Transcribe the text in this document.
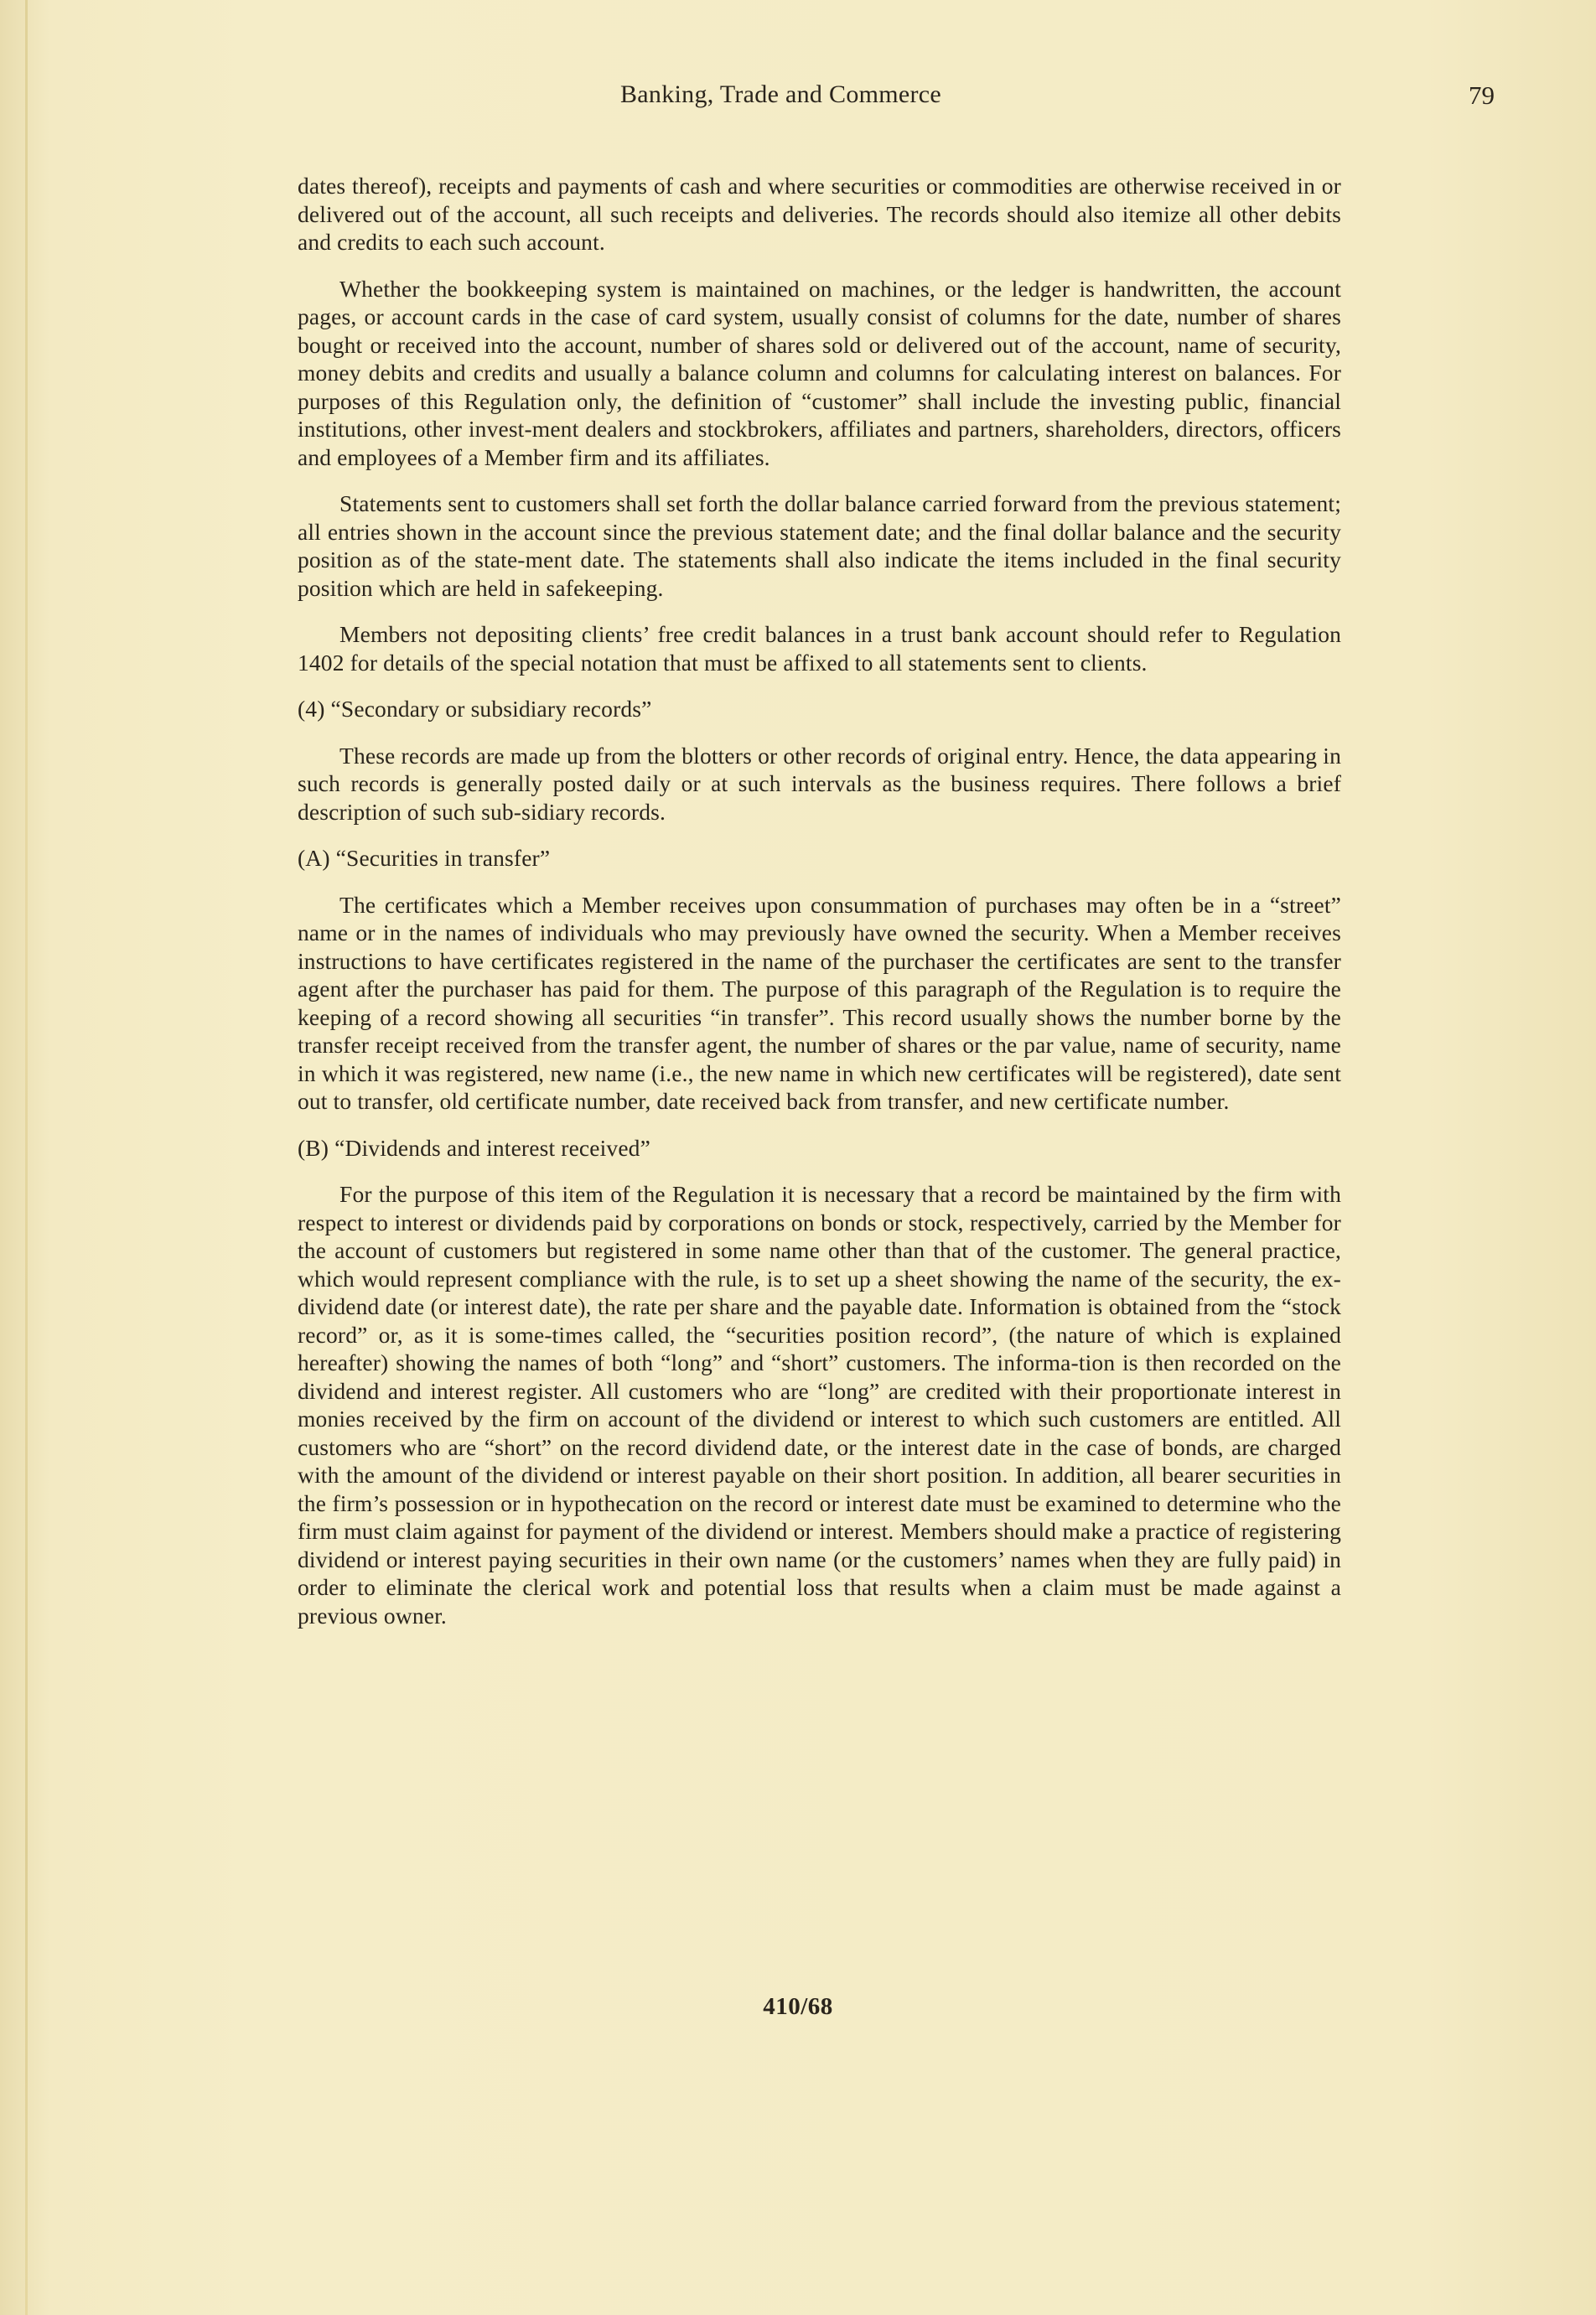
Banking, Trade and Commerce	79

dates thereof), receipts and payments of cash and where securities or commodities are otherwise received in or delivered out of the account, all such receipts and deliveries. The records should also itemize all other debits and credits to each such account.

Whether the bookkeeping system is maintained on machines, or the ledger is handwritten, the account pages, or account cards in the case of card system, usually consist of columns for the date, number of shares bought or received into the account, number of shares sold or delivered out of the account, name of security, money debits and credits and usually a balance column and columns for calculating interest on balances. For purposes of this Regulation only, the definition of “customer” shall include the investing public, financial institutions, other invest-ment dealers and stockbrokers, affiliates and partners, shareholders, directors, officers and employees of a Member firm and its affiliates.

Statements sent to customers shall set forth the dollar balance carried forward from the previous statement; all entries shown in the account since the previous statement date; and the final dollar balance and the security position as of the state-ment date. The statements shall also indicate the items included in the final security position which are held in safekeeping.

Members not depositing clients’ free credit balances in a trust bank account should refer to Regulation 1402 for details of the special notation that must be affixed to all statements sent to clients.

(4) “Secondary or subsidiary records”

These records are made up from the blotters or other records of original entry. Hence, the data appearing in such records is generally posted daily or at such intervals as the business requires. There follows a brief description of such sub-sidiary records.

(A) “Securities in transfer”

The certificates which a Member receives upon consummation of purchases may often be in a “street” name or in the names of individuals who may previously have owned the security. When a Member receives instructions to have certificates registered in the name of the purchaser the certificates are sent to the transfer agent after the purchaser has paid for them. The purpose of this paragraph of the Regulation is to require the keeping of a record showing all securities “in transfer”. This record usually shows the number borne by the transfer receipt received from the transfer agent, the number of shares or the par value, name of security, name in which it was registered, new name (i.e., the new name in which new certificates will be registered), date sent out to transfer, old certificate number, date received back from transfer, and new certificate number.

(B) “Dividends and interest received”

For the purpose of this item of the Regulation it is necessary that a record be maintained by the firm with respect to interest or dividends paid by corporations on bonds or stock, respectively, carried by the Member for the account of customers but registered in some name other than that of the customer. The general practice, which would represent compliance with the rule, is to set up a sheet showing the name of the security, the ex-dividend date (or interest date), the rate per share and the payable date. Information is obtained from the “stock record” or, as it is some-times called, the “securities position record”, (the nature of which is explained hereafter) showing the names of both “long” and “short” customers. The informa-tion is then recorded on the dividend and interest register. All customers who are “long” are credited with their proportionate interest in monies received by the firm on account of the dividend or interest to which such customers are entitled. All customers who are “short” on the record dividend date, or the interest date in the case of bonds, are charged with the amount of the dividend or interest payable on their short position. In addition, all bearer securities in the firm’s possession or in hypothecation on the record or interest date must be examined to determine who the firm must claim against for payment of the dividend or interest. Members should make a practice of registering dividend or interest paying securities in their own name (or the customers’ names when they are fully paid) in order to eliminate the clerical work and potential loss that results when a claim must be made against a previous owner.

410/68
